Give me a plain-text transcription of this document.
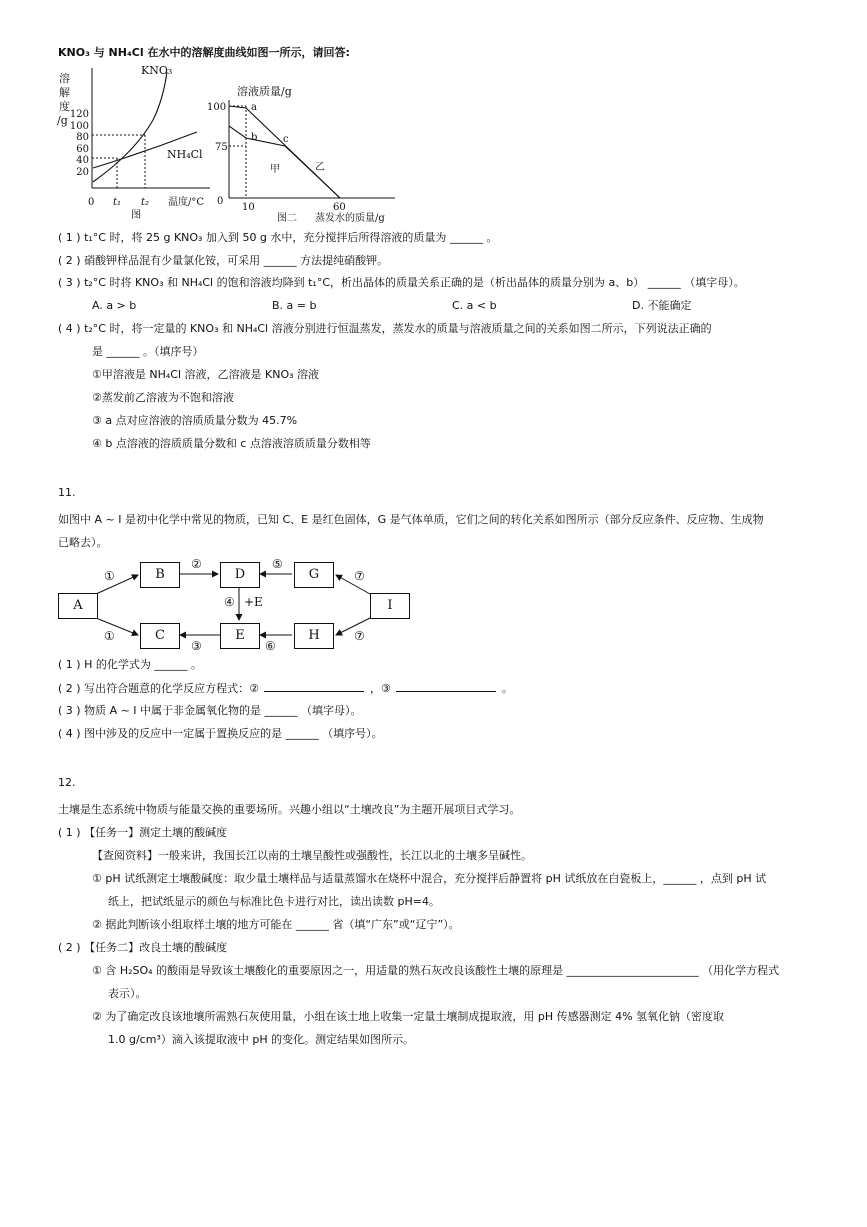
KNO₃ 与 NH₄Cl 在水中的溶解度曲线如图一所示，请回答:
溶
解
度
/g 120
100
80
60
40
20
KNO₃
NH₄Cl
0 t₁ t₂ 温度/°C
图
溶液质量/g
100
75
0
a
b	c
甲	乙
10	60
图二 蒸发水的质量/g
( 1 ) t₁°C 时，将 25 g KNO₃ 加入到 50 g 水中，充分搅拌后所得溶液的质量为 ______ 。
( 2 ) 硝酸钾样品混有少量氯化铵，可采用 ______ 方法提纯硝酸钾。
( 3 ) t₂°C 时将 KNO₃ 和 NH₄Cl 的饱和溶液均降到 t₁°C，析出晶体的质量关系正确的是（析出晶体的质量分别为 a、b） ______ （填字母）。
A. a > b	B. a = b	C. a < b	D. 不能确定
( 4 ) t₂°C 时，将一定量的 KNO₃ 和 NH₄Cl 溶液分别进行恒温蒸发，蒸发水的质量与溶液质量之间的关系如图二所示，下列说法正确的
是 ______ 。（填序号）
①甲溶液是 NH₄Cl 溶液，乙溶液是 KNO₃ 溶液
②蒸发前乙溶液为不饱和溶液
③ a 点对应溶液的溶质质量分数为 45.7%
④ b 点溶液的溶质质量分数和 c 点溶液溶质质量分数相等
11.
如图中 A ~ I 是初中化学中常见的物质，已知 C、E 是红色固体，G 是气体单质，它们之间的转化关系如图所示（部分反应条件、反应物、生成物
已略去）。
①
①
②
③
④ +E
⑤
⑥
⑦
⑦
A
B
C
D
E
G
H
I
( 1 ) H 的化学式为 ______ 。
( 2 ) 写出符合题意的化学反应方程式：②	，③	。
( 3 ) 物质 A ~ I 中属于非金属氧化物的是 ______ （填字母）。
( 4 ) 图中涉及的反应中一定属于置换反应的是 ______ （填序号）。
12.
土壤是生态系统中物质与能量交换的重要场所。兴趣小组以“土壤改良”为主题开展项目式学习。
( 1 ) 【任务一】测定土壤的酸碱度
【查阅资料】一般来讲，我国长江以南的土壤呈酸性或强酸性，长江以北的土壤多呈碱性。
① pH 试纸测定土壤酸碱度：取少量土壤样品与适量蒸馏水在烧杯中混合，充分搅拌后静置将 pH 试纸放在白瓷板上，______ ，点到 pH 试
纸上，把试纸显示的颜色与标准比色卡进行对比，读出读数 pH=4。
② 据此判断该小组取样土壤的地方可能在 ______ 省（填“广东”或“辽宁”）。
( 2 ) 【任务二】改良土壤的酸碱度
① 含 H₂SO₄ 的酸雨是导致该土壤酸化的重要原因之一，用适量的熟石灰改良该酸性土壤的原理是 ________________________ （用化学方程式
表示）。
② 为了确定改良该地壤所需熟石灰使用量，小组在该土地上收集一定量土壤制成提取液，用 pH 传感器测定 4% 氢氧化钠（密度取
1.0 g/cm³）滴入该提取液中 pH 的变化。测定结果如图所示。
